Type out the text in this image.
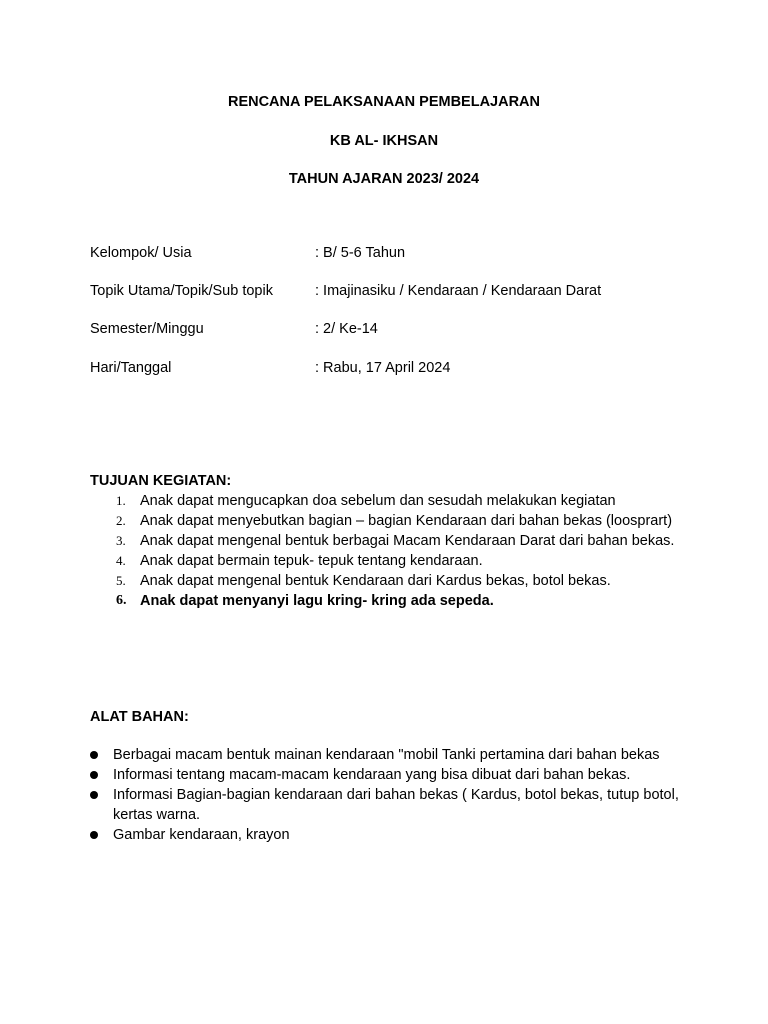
RENCANA PELAKSANAAN PEMBELAJARAN
KB AL- IKHSAN
TAHUN AJARAN 2023/ 2024
Kelompok/ Usia	: B/ 5-6 Tahun
Topik Utama/Topik/Sub topik	: Imajinasiku / Kendaraan / Kendaraan Darat
Semester/Minggu	: 2/ Ke-14
Hari/Tanggal	: Rabu, 17 April 2024
TUJUAN KEGIATAN:
1. Anak dapat mengucapkan doa sebelum dan sesudah melakukan kegiatan
2. Anak dapat menyebutkan bagian – bagian Kendaraan dari bahan bekas (loosprart)
3. Anak dapat mengenal bentuk berbagai Macam Kendaraan Darat dari bahan bekas.
4. Anak dapat bermain tepuk- tepuk tentang kendaraan.
5. Anak dapat mengenal bentuk Kendaraan dari Kardus bekas, botol bekas.
6. Anak dapat menyanyi lagu kring- kring ada sepeda.
ALAT BAHAN:
Berbagai macam bentuk mainan kendaraan "mobil Tanki pertamina dari bahan bekas
Informasi tentang macam-macam kendaraan yang bisa dibuat dari bahan bekas.
Informasi Bagian-bagian kendaraan dari bahan bekas ( Kardus, botol bekas, tutup botol, kertas warna.
Gambar kendaraan, krayon
